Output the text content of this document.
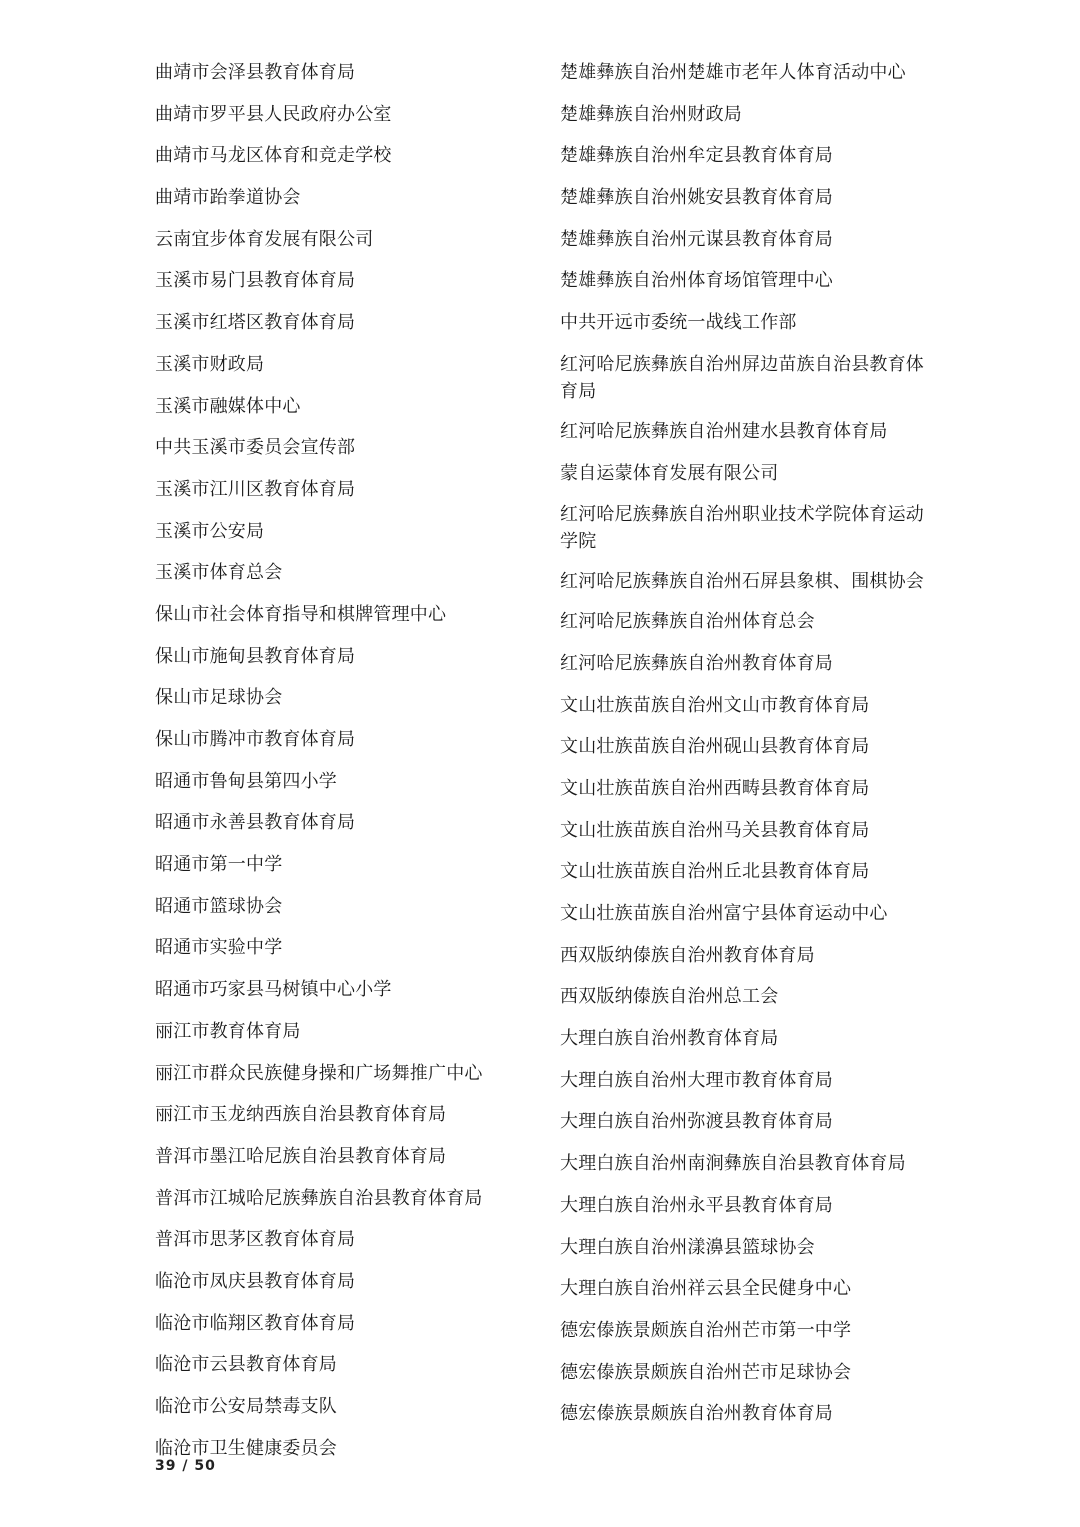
曲靖市会泽县教育体育局
曲靖市罗平县人民政府办公室
曲靖市马龙区体育和竞走学校
曲靖市跆拳道协会
云南宜步体育发展有限公司
玉溪市易门县教育体育局
玉溪市红塔区教育体育局
玉溪市财政局
玉溪市融媒体中心
中共玉溪市委员会宣传部
玉溪市江川区教育体育局
玉溪市公安局
玉溪市体育总会
保山市社会体育指导和棋牌管理中心
保山市施甸县教育体育局
保山市足球协会
保山市腾冲市教育体育局
昭通市鲁甸县第四小学
昭通市永善县教育体育局
昭通市第一中学
昭通市篮球协会
昭通市实验中学
昭通市巧家县马树镇中心小学
丽江市教育体育局
丽江市群众民族健身操和广场舞推广中心
丽江市玉龙纳西族自治县教育体育局
普洱市墨江哈尼族自治县教育体育局
普洱市江城哈尼族彝族自治县教育体育局
普洱市思茅区教育体育局
临沧市凤庆县教育体育局
临沧市临翔区教育体育局
临沧市云县教育体育局
临沧市公安局禁毒支队
临沧市卫生健康委员会
楚雄彝族自治州楚雄市老年人体育活动中心
楚雄彝族自治州财政局
楚雄彝族自治州牟定县教育体育局
楚雄彝族自治州姚安县教育体育局
楚雄彝族自治州元谋县教育体育局
楚雄彝族自治州体育场馆管理中心
中共开远市委统一战线工作部
红河哈尼族彝族自治州屏边苗族自治县教育体育局
红河哈尼族彝族自治州建水县教育体育局
蒙自运蒙体育发展有限公司
红河哈尼族彝族自治州职业技术学院体育运动学院
红河哈尼族彝族自治州石屏县象棋、围棋协会
红河哈尼族彝族自治州体育总会
红河哈尼族彝族自治州教育体育局
文山壮族苗族自治州文山市教育体育局
文山壮族苗族自治州砚山县教育体育局
文山壮族苗族自治州西畴县教育体育局
文山壮族苗族自治州马关县教育体育局
文山壮族苗族自治州丘北县教育体育局
文山壮族苗族自治州富宁县体育运动中心
西双版纳傣族自治州教育体育局
西双版纳傣族自治州总工会
大理白族自治州教育体育局
大理白族自治州大理市教育体育局
大理白族自治州弥渡县教育体育局
大理白族自治州南涧彝族自治县教育体育局
大理白族自治州永平县教育体育局
大理白族自治州漾濞县篮球协会
大理白族自治州祥云县全民健身中心
德宏傣族景颇族自治州芒市第一中学
德宏傣族景颇族自治州芒市足球协会
德宏傣族景颇族自治州教育体育局
39 / 50
